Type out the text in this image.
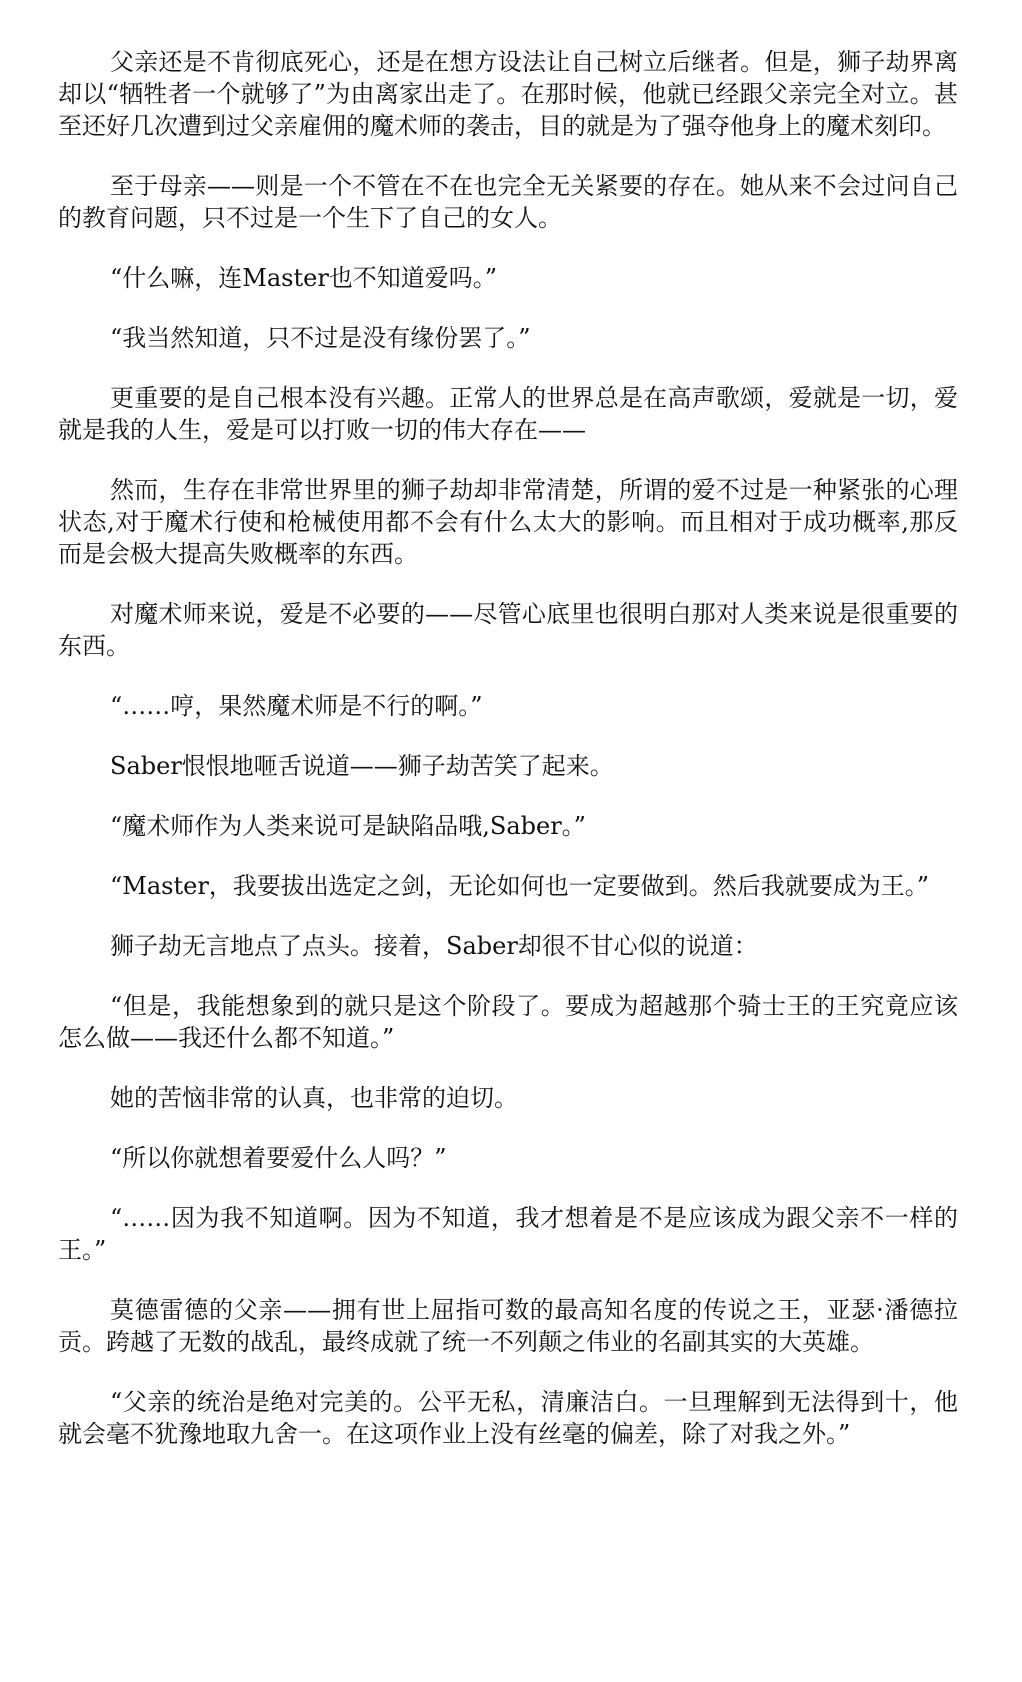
父亲还是不肯彻底死心，还是在想方设法让自己树立后继者。但是，狮子劫界离却以“牺牲者一个就够了”为由离家出走了。在那时候，他就已经跟父亲完全对立。甚至还好几次遭到过父亲雇佣的魔术师的袭击，目的就是为了强夺他身上的魔术刻印。

至于母亲——则是一个不管在不在也完全无关紧要的存在。她从来不会过问自己的教育问题，只不过是一个生下了自己的女人。

“什么嘛，连Master也不知道爱吗。”

“我当然知道，只不过是没有缘份罢了。”

更重要的是自己根本没有兴趣。正常人的世界总是在高声歌颂，爱就是一切，爱就是我的人生，爱是可以打败一切的伟大存在——

然而，生存在非常世界里的狮子劫却非常清楚，所谓的爱不过是一种紧张的心理状态,对于魔术行使和枪械使用都不会有什么太大的影响。而且相对于成功概率,那反而是会极大提高失败概率的东西。

对魔术师来说，爱是不必要的——尽管心底里也很明白那对人类来说是很重要的东西。

“……哼，果然魔术师是不行的啊。”

Saber恨恨地咂舌说道——狮子劫苦笑了起来。

“魔术师作为人类来说可是缺陷品哦,Saber。”

“Master，我要拔出选定之剑，无论如何也一定要做到。然后我就要成为王。”

狮子劫无言地点了点头。接着，Saber却很不甘心似的说道：

“但是，我能想象到的就只是这个阶段了。要成为超越那个骑士王的王究竟应该怎么做——我还什么都不知道。”

她的苦恼非常的认真，也非常的迫切。

“所以你就想着要爱什么人吗？”

“……因为我不知道啊。因为不知道，我才想着是不是应该成为跟父亲不一样的王。”

莫德雷德的父亲——拥有世上屈指可数的最高知名度的传说之王，亚瑟·潘德拉贡。跨越了无数的战乱，最终成就了统一不列颠之伟业的名副其实的大英雄。

“父亲的统治是绝对完美的。公平无私，清廉洁白。一旦理解到无法得到十，他就会毫不犹豫地取九舍一。在这项作业上没有丝毫的偏差，除了对我之外。”
